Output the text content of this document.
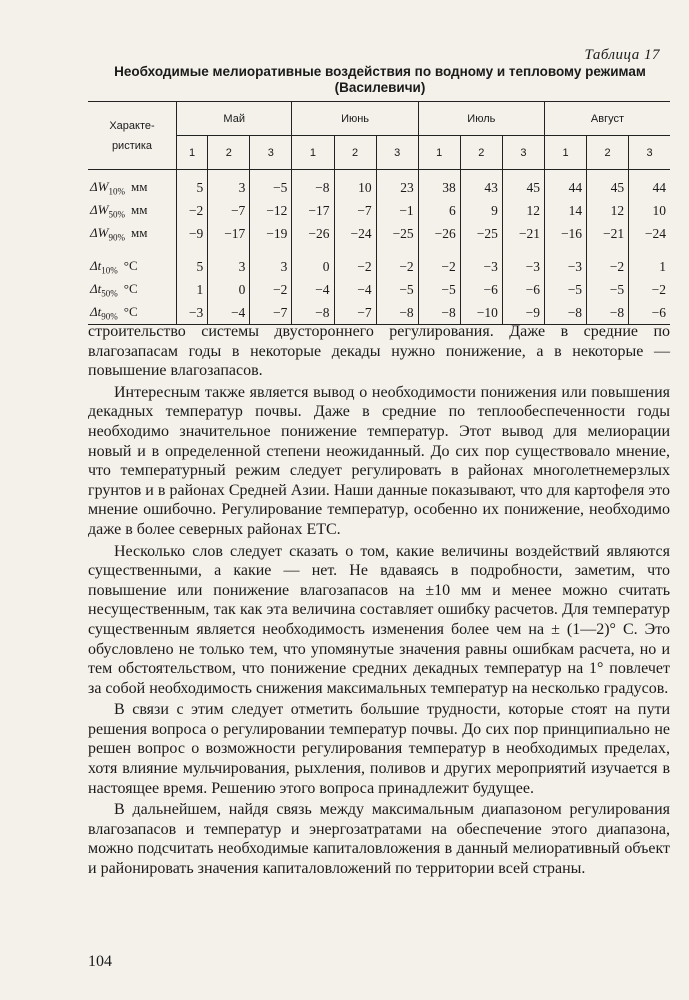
Таблица 17
Необходимые мелиоративные воздействия по водному и тепловому режимам (Василевичи)
Характе-
ристика	Май			Июнь			Июль			Август		
	1	2	3	1	2	3	1	2	3	1	2	3
$\Delta W_{10\%}$ мм	5	3	−5	−8	10	23	38	43	45	44	45	44
$\Delta W_{50\%}$ мм	−2	−7	−12	−17	−7	−1	6	9	12	14	12	10
$\Delta W_{90\%}$ мм	−9	−17	−19	−26	−24	−25	−26	−25	−21	−16	−21	−24

$\Delta t_{10\%}$ °C	5	3	3	0	−2	−2	−2	−3	−3	−3	−2	1
$\Delta t_{50\%}$ °C	1	0	−2	−4	−4	−5	−5	−6	−6	−5	−5	−2
$\Delta t_{90\%}$ °C	−3	−4	−7	−8	−7	−8	−8	−10	−9	−8	−8	−6

строительство системы двустороннего регулирования. Даже в средние по влагозапасам годы в некоторые декады нужно понижение, а в некоторые — повышение влагозапасов.

Интересным также является вывод о необходимости понижения или повышения декадных температур почвы. Даже в средние по теплообеспеченности годы необходимо значительное понижение температур. Этот вывод для мелиорации новый и в определенной степени неожиданный. До сих пор существовало мнение, что температурный режим следует регулировать в районах многолетнемерзлых грунтов и в районах Средней Азии. Наши данные показывают, что для картофеля это мнение ошибочно. Регулирование температур, особенно их понижение, необходимо даже в более северных районах ЕТС.

Несколько слов следует сказать о том, какие величины воздействий являются существенными, а какие — нет. Не вдаваясь в подробности, заметим, что повышение или понижение влагозапасов на ±10 мм и менее можно считать несущественным, так как эта величина составляет ошибку расчетов. Для температур существенным является необходимость изменения более чем на ± (1—2)° С. Это обусловлено не только тем, что упомянутые значения равны ошибкам расчета, но и тем обстоятельством, что понижение средних декадных температур на 1° повлечет за собой необходимость снижения максимальных температур на несколько градусов.

В связи с этим следует отметить большие трудности, которые стоят на пути решения вопроса о регулировании температур почвы. До сих пор принципиально не решен вопрос о возможности регулирования температур в необходимых пределах, хотя влияние мульчирования, рыхления, поливов и других мероприятий изучается в настоящее время. Решению этого вопроса принадлежит будущее.

В дальнейшем, найдя связь между максимальным диапазоном регулирования влагозапасов и температур и энергозатратами на обеспечение этого диапазона, можно подсчитать необходимые капиталовложения в данный мелиоративный объект и районировать значения капиталовложений по территории всей страны.

104
